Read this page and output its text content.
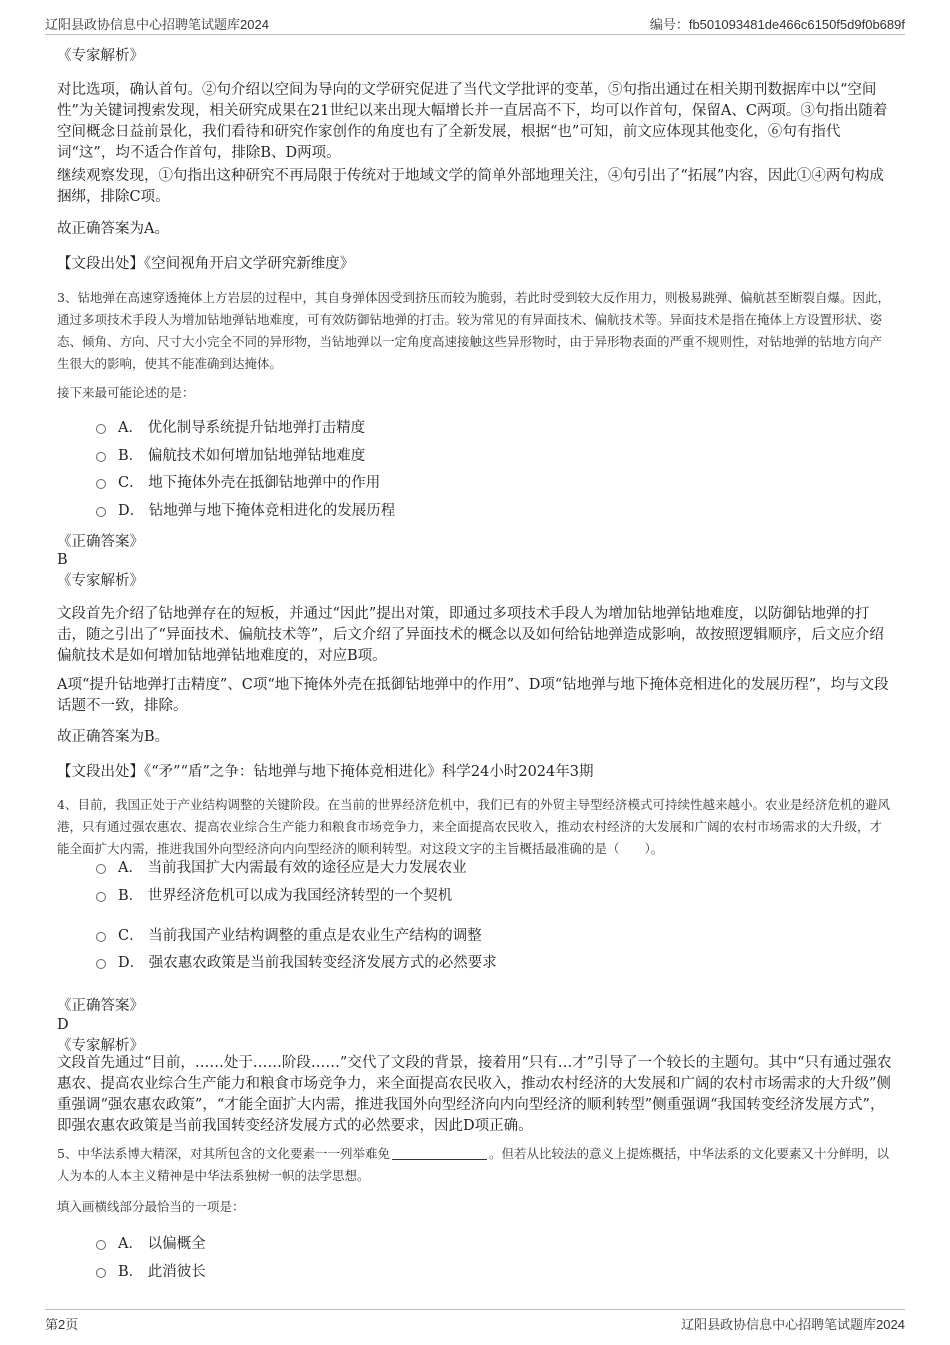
辽阳县政协信息中心招聘笔试题库2024	编号：fb501093481de466c6150f5d9f0b689f
《专家解析》

对比选项，确认首句。②句介绍以空间为导向的文学研究促进了当代文学批评的变革，⑤句指出通过在相关期刊数据库中以“空间性”为关键词搜索发现，相关研究成果在21世纪以来出现大幅增长并一直居高不下，均可以作首句，保留A、C两项。③句指出随着空间概念日益前景化，我们看待和研究作家创作的角度也有了全新发展，根据“也”可知，前文应体现其他变化，⑥句有指代词“这”，均不适合作首句，排除B、D两项。

继续观察发现，①句指出这种研究不再局限于传统对于地域文学的简单外部地理关注，④句引出了“拓展”内容，因此①④两句构成捆绑，排除C项。

故正确答案为A。

【文段出处】《空间视角开启文学研究新维度》

3、钻地弹在高速穿透掩体上方岩层的过程中，其自身弹体因受到挤压而较为脆弱，若此时受到较大反作用力，则极易跳弹、偏航甚至断裂自爆。因此，通过多项技术手段人为增加钻地弹钻地难度，可有效防御钻地弹的打击。较为常见的有异面技术、偏航技术等。异面技术是指在掩体上方设置形状、姿态、倾角、方向、尺寸大小完全不同的异形物，当钻地弹以一定角度高速接触这些异形物时，由于异形物表面的严重不规则性，对钻地弹的钻地方向产生很大的影响，使其不能准确到达掩体。

接下来最可能论述的是：

A． 优化制导系统提升钻地弹打击精度
B． 偏航技术如何增加钻地弹钻地难度
C． 地下掩体外壳在抵御钻地弹中的作用
D． 钻地弹与地下掩体竞相进化的发展历程
《正确答案》
B
《专家解析》

文段首先介绍了钻地弹存在的短板，并通过“因此”提出对策，即通过多项技术手段人为增加钻地弹钻地难度，以防御钻地弹的打击，随之引出了“异面技术、偏航技术等”，后文介绍了异面技术的概念以及如何给钻地弹造成影响，故按照逻辑顺序，后文应介绍偏航技术是如何增加钻地弹钻地难度的，对应B项。

A项“提升钻地弹打击精度”、C项“地下掩体外壳在抵御钻地弹中的作用”、D项“钻地弹与地下掩体竞相进化的发展历程”，均与文段话题不一致，排除。

故正确答案为B。

【文段出处】《“矛”“盾”之争：钻地弹与地下掩体竞相进化》科学24小时2024年3期

4、目前，我国正处于产业结构调整的关键阶段。在当前的世界经济危机中，我们已有的外贸主导型经济模式可持续性越来越小。农业是经济危机的避风港，只有通过强农惠农、提高农业综合生产能力和粮食市场竞争力，来全面提高农民收入，推动农村经济的大发展和广阔的农村市场需求的大升级，才能全面扩大内需，推进我国外向型经济向内向型经济的顺利转型。对这段文字的主旨概括最准确的是（　　）。

A． 当前我国扩大内需最有效的途径应是大力发展农业
B． 世界经济危机可以成为我国经济转型的一个契机
C． 当前我国产业结构调整的重点是农业生产结构的调整
D． 强农惠农政策是当前我国转变经济发展方式的必然要求
《正确答案》
D
《专家解析》

文段首先通过“目前，……处于……阶段……”交代了文段的背景，接着用“只有…才”引导了一个较长的主题句。其中“只有通过强农惠农、提高农业综合生产能力和粮食市场竞争力，来全面提高农民收入，推动农村经济的大发展和广阔的农村市场需求的大升级”侧重强调“强农惠农政策”，“才能全面扩大内需，推进我国外向型经济向内向型经济的顺利转型”侧重强调“我国转变经济发展方式”，即强农惠农政策是当前我国转变经济发展方式的必然要求，因此D项正确。

5、中华法系博大精深，对其所包含的文化要素一一列举难免	。但若从比较法的意义上提炼概括，中华法系的文化要素又十分鲜明，以人为本的人本主义精神是中华法系独树一帜的法学思想。

填入画横线部分最恰当的一项是：

A． 以偏概全
B． 此消彼长
第2页	辽阳县政协信息中心招聘笔试题库2024
